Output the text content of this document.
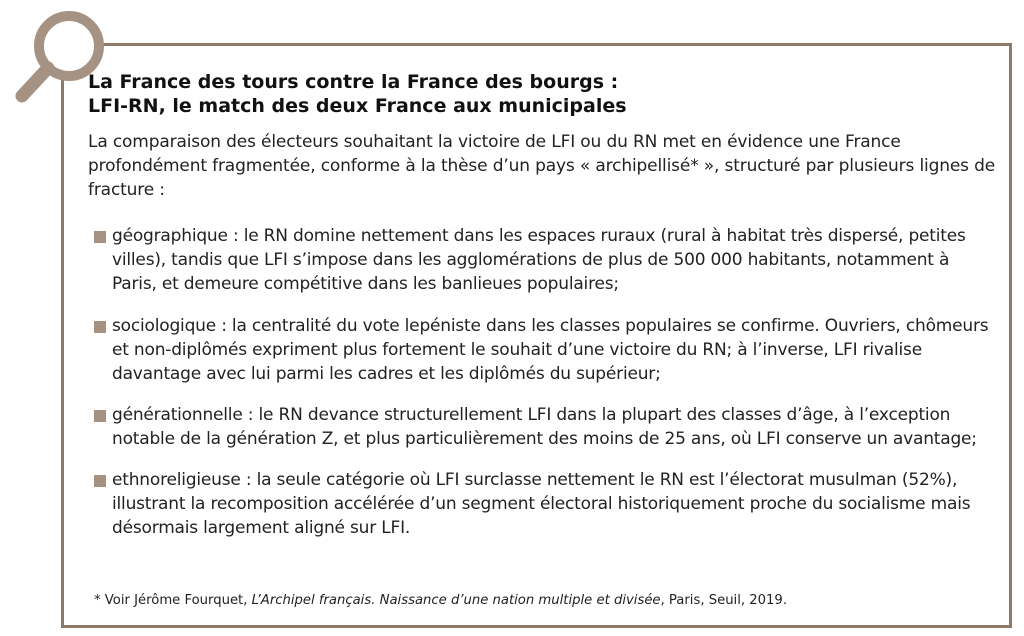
La France des tours contre la France des bourgs :
LFI-RN, le match des deux France aux municipales
La comparaison des électeurs souhaitant la victoire de LFI ou du RN met en évidence une France profondément fragmentée, conforme à la thèse d’un pays « archipellisé* », structuré par plusieurs lignes de fracture :
géographique : le RN domine nettement dans les espaces ruraux (rural à habitat très dispersé, petites villes), tandis que LFI s’impose dans les agglomérations de plus de 500 000 habitants, notamment à Paris, et demeure compétitive dans les banlieues populaires;
sociologique : la centralité du vote lepéniste dans les classes populaires se confirme. Ouvriers, chômeurs et non-diplômés expriment plus fortement le souhait d’une victoire du RN; à l’inverse, LFI rivalise davantage avec lui parmi les cadres et les diplômés du supérieur;
générationnelle : le RN devance structurellement LFI dans la plupart des classes d’âge, à l’exception notable de la génération Z, et plus particulièrement des moins de 25 ans, où LFI conserve un avantage;
ethnoreligieuse : la seule catégorie où LFI surclasse nettement le RN est l’électorat musulman (52%), illustrant la recomposition accélérée d’un segment électoral historiquement proche du socialisme mais désormais largement aligné sur LFI.
* Voir Jérôme Fourquet, L’Archipel français. Naissance d’une nation multiple et divisée, Paris, Seuil, 2019.
